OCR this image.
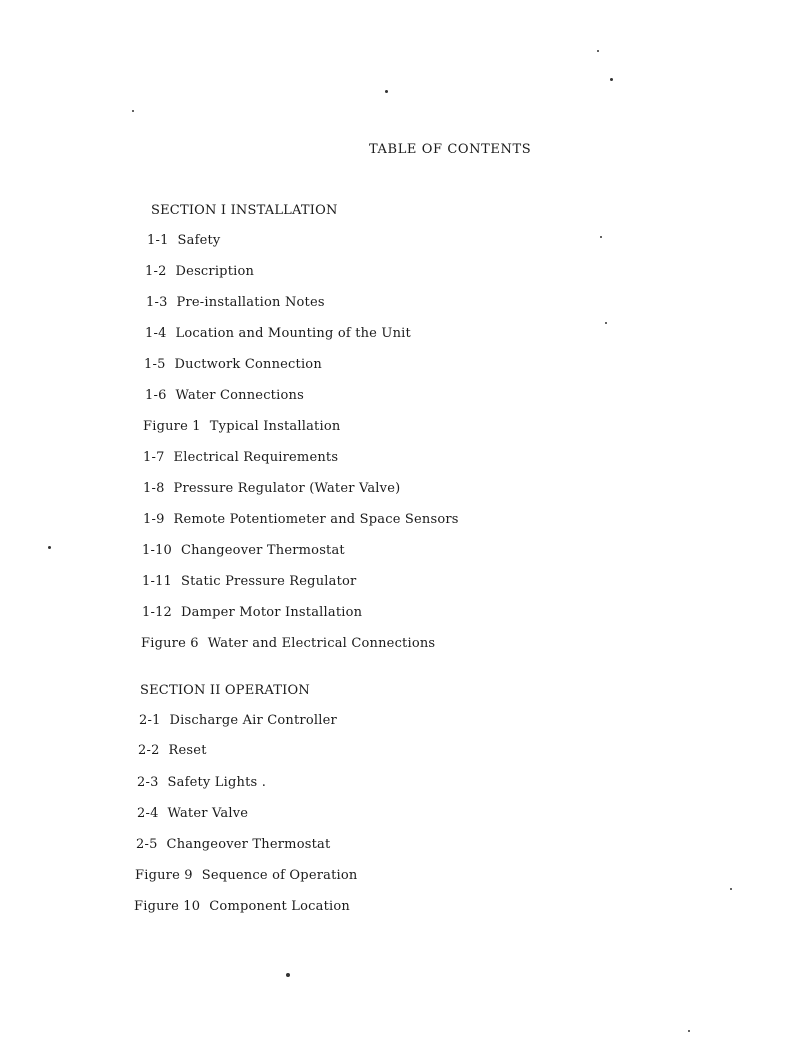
TABLE OF CONTENTS
SECTION I INSTALLATION
1-1 Safety
1-2 Description
1-3 Pre-installation Notes
1-4 Location and Mounting of the Unit
1-5 Ductwork Connection
1-6 Water Connections
Figure 1 Typical Installation
1-7 Electrical Requirements
1-8 Pressure Regulator (Water Valve)
1-9 Remote Potentiometer and Space Sensors
1-10 Changeover Thermostat
1-11 Static Pressure Regulator
1-12 Damper Motor Installation
Figure 6 Water and Electrical Connections
SECTION II OPERATION
2-1 Discharge Air Controller
2-2 Reset
2-3 Safety Lights .
2-4 Water Valve
2-5 Changeover Thermostat
Figure 9 Sequence of Operation
Figure 10 Component Location
